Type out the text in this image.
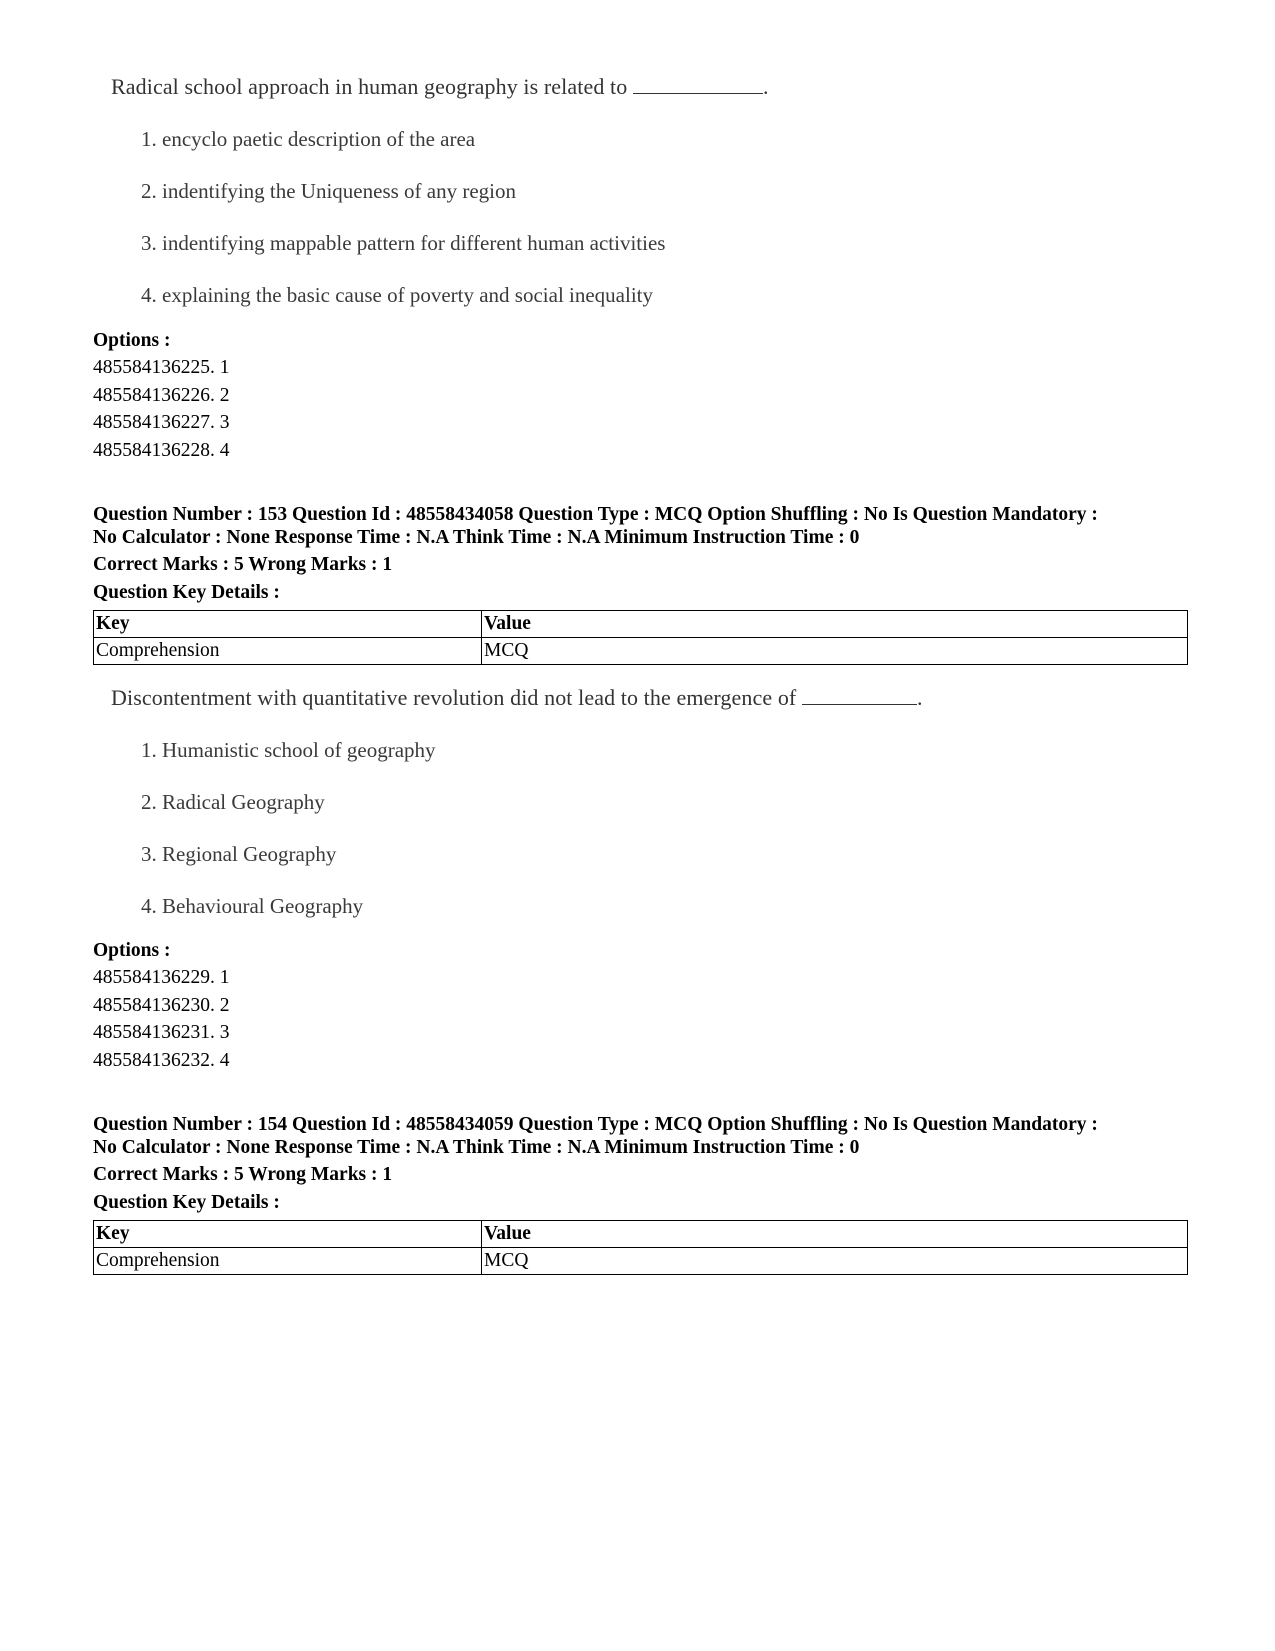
Radical school approach in human geography is related to	.
1. encyclo paetic description of the area
2. indentifying the Uniqueness of any region
3. indentifying mappable pattern for different human activities
4. explaining the basic cause of poverty and social inequality
Options :
485584136225. 1
485584136226. 2
485584136227. 3
485584136228. 4
Question Number : 153 Question Id : 48558434058 Question Type : MCQ Option Shuffling : No Is Question Mandatory :
No Calculator : None Response Time : N.A Think Time : N.A Minimum Instruction Time : 0
Correct Marks : 5 Wrong Marks : 1
Question Key Details :
Key	Value
Comprehension	MCQ
Discontentment with quantitative revolution did not lead to the emergence of	.
1. Humanistic school of geography
2. Radical Geography
3. Regional Geography
4. Behavioural Geography
Options :
485584136229. 1
485584136230. 2
485584136231. 3
485584136232. 4
Question Number : 154 Question Id : 48558434059 Question Type : MCQ Option Shuffling : No Is Question Mandatory :
No Calculator : None Response Time : N.A Think Time : N.A Minimum Instruction Time : 0
Correct Marks : 5 Wrong Marks : 1
Question Key Details :
Key	Value
Comprehension	MCQ
